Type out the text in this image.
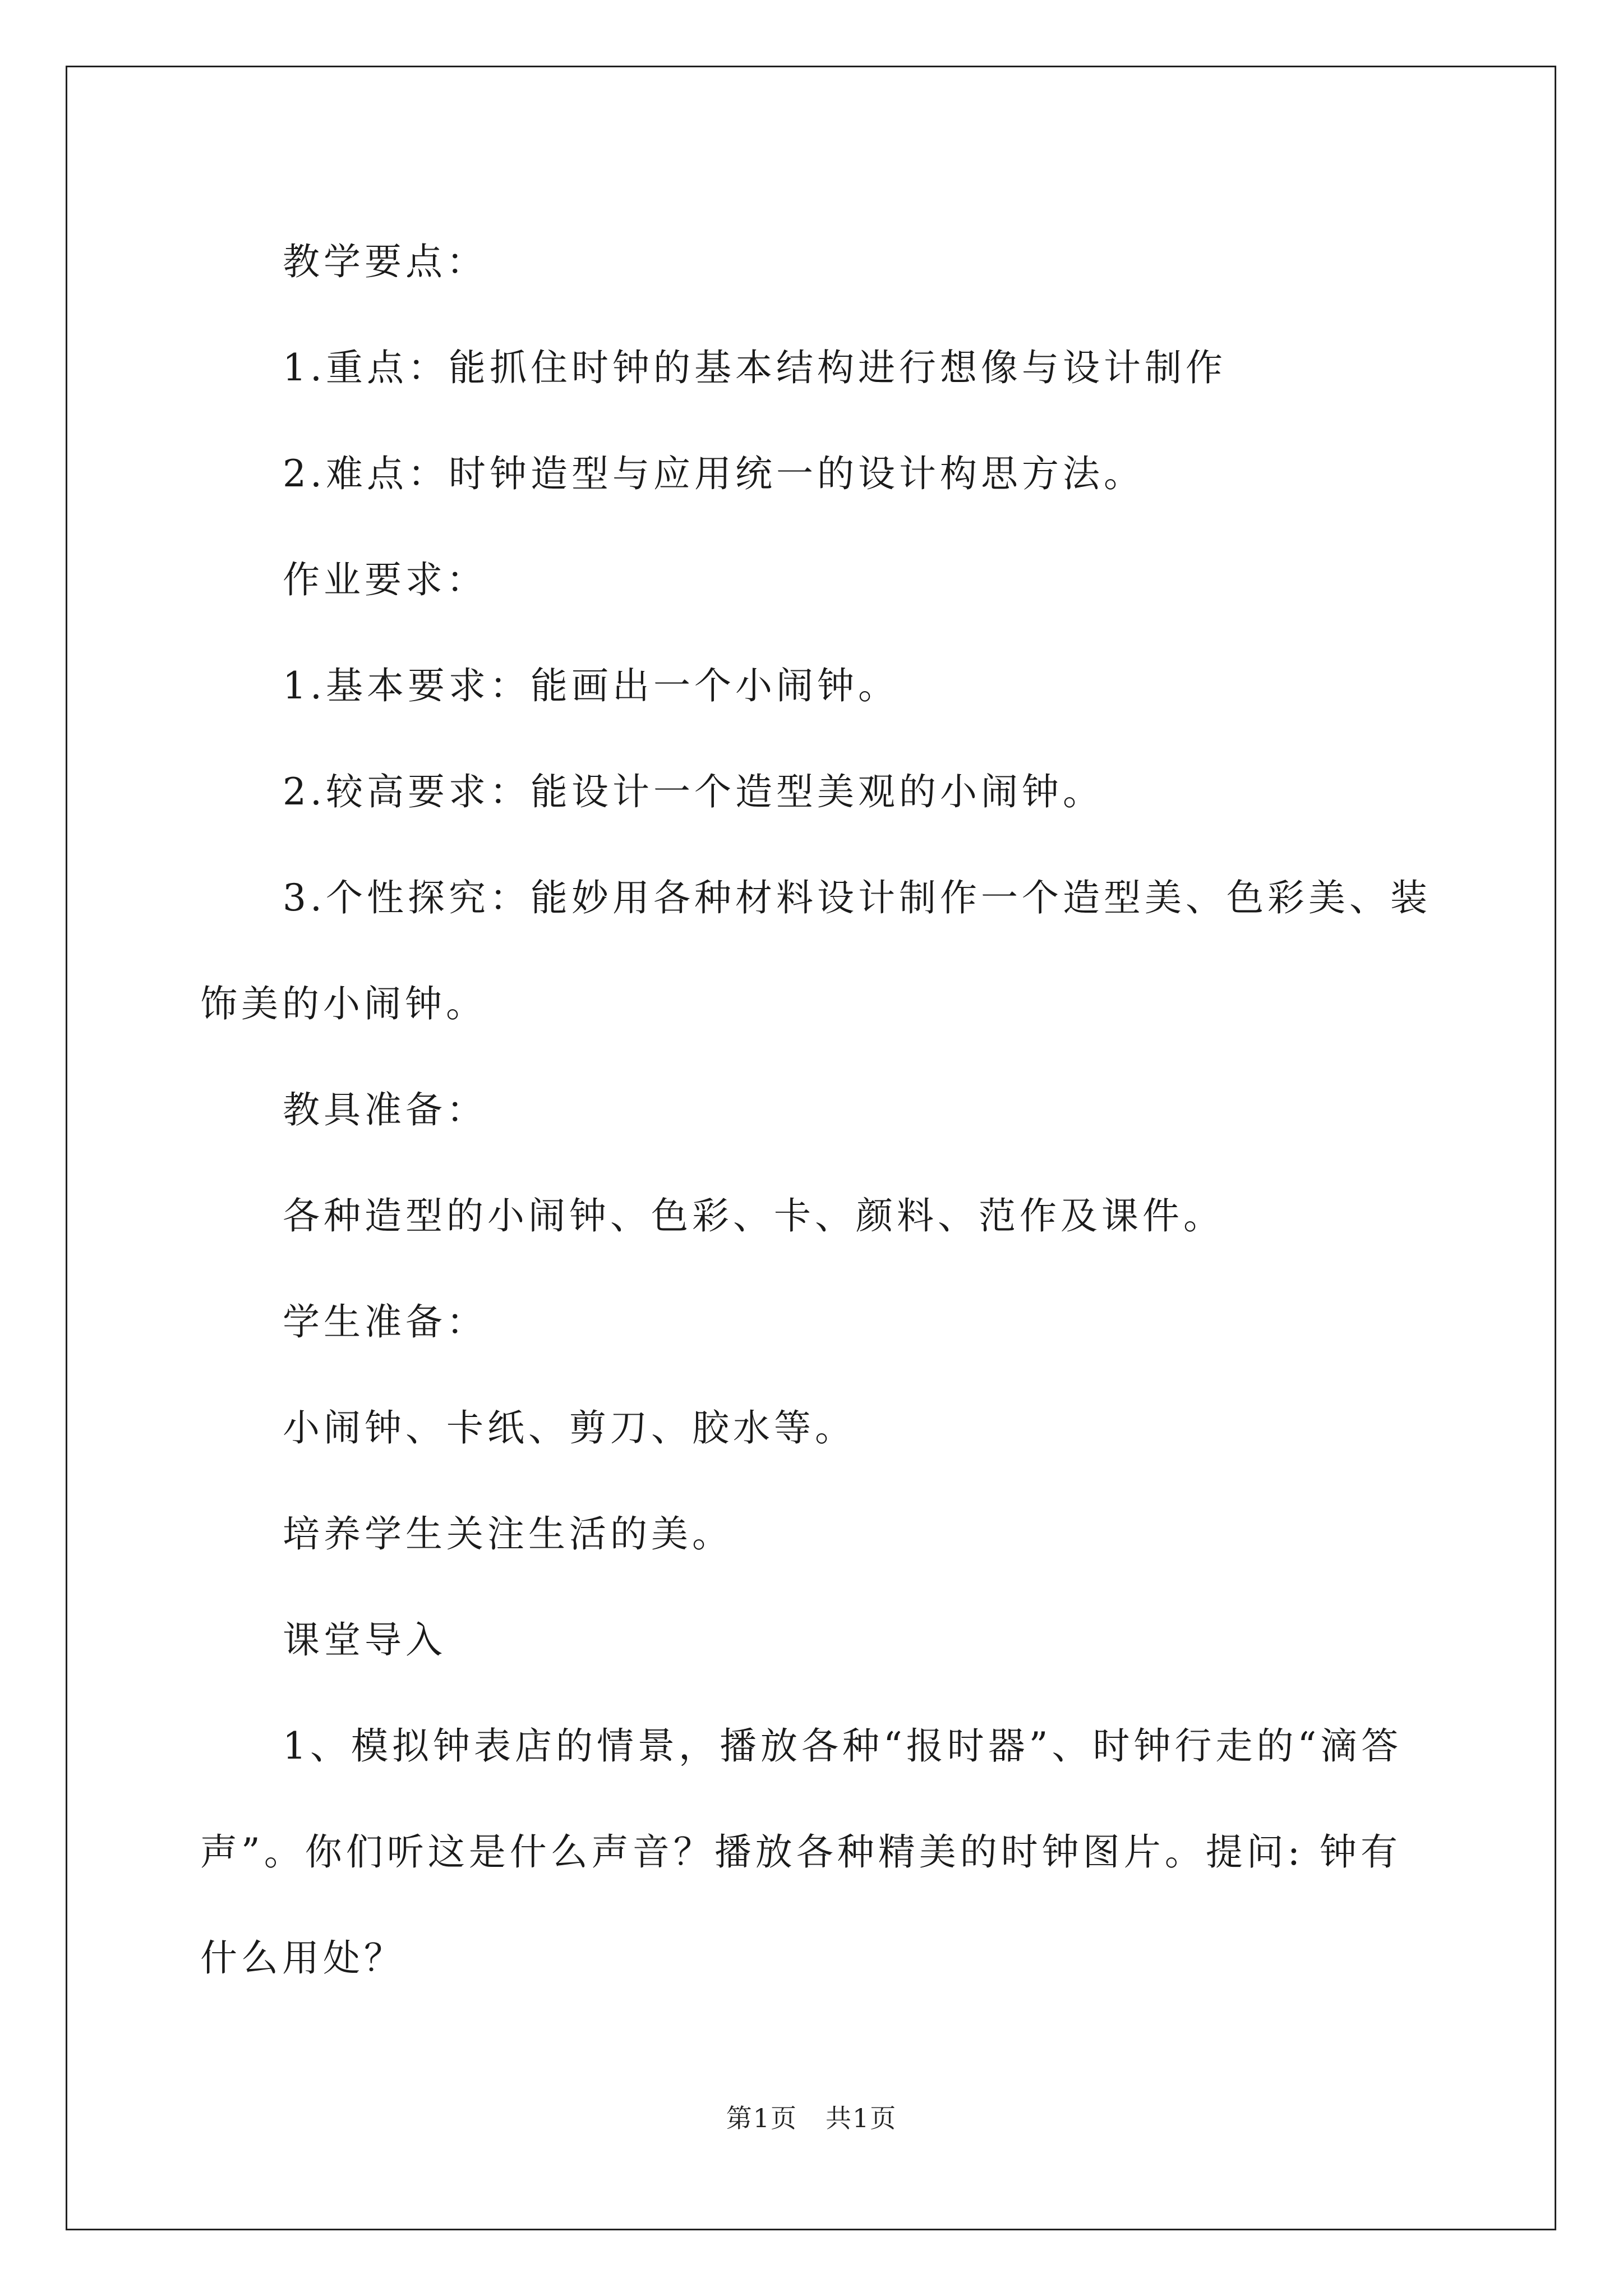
教学要点：

1.重点：能抓住时钟的基本结构进行想像与设计制作

2.难点：时钟造型与应用统一的设计构思方法。

作业要求：

1.基本要求：能画出一个小闹钟。

2.较高要求：能设计一个造型美观的小闹钟。

3.个性探究：能妙用各种材料设计制作一个造型美、色彩美、装饰美的小闹钟。

教具准备：

各种造型的小闹钟、色彩、卡、颜料、范作及课件。

学生准备：

小闹钟、卡纸、剪刀、胶水等。

培养学生关注生活的美。

课堂导入

1、模拟钟表店的情景，播放各种“报时器”、时钟行走的“滴答声”。你们听这是什么声音？播放各种精美的时钟图片。提问: 钟有什么用处？

第1页 共1页
